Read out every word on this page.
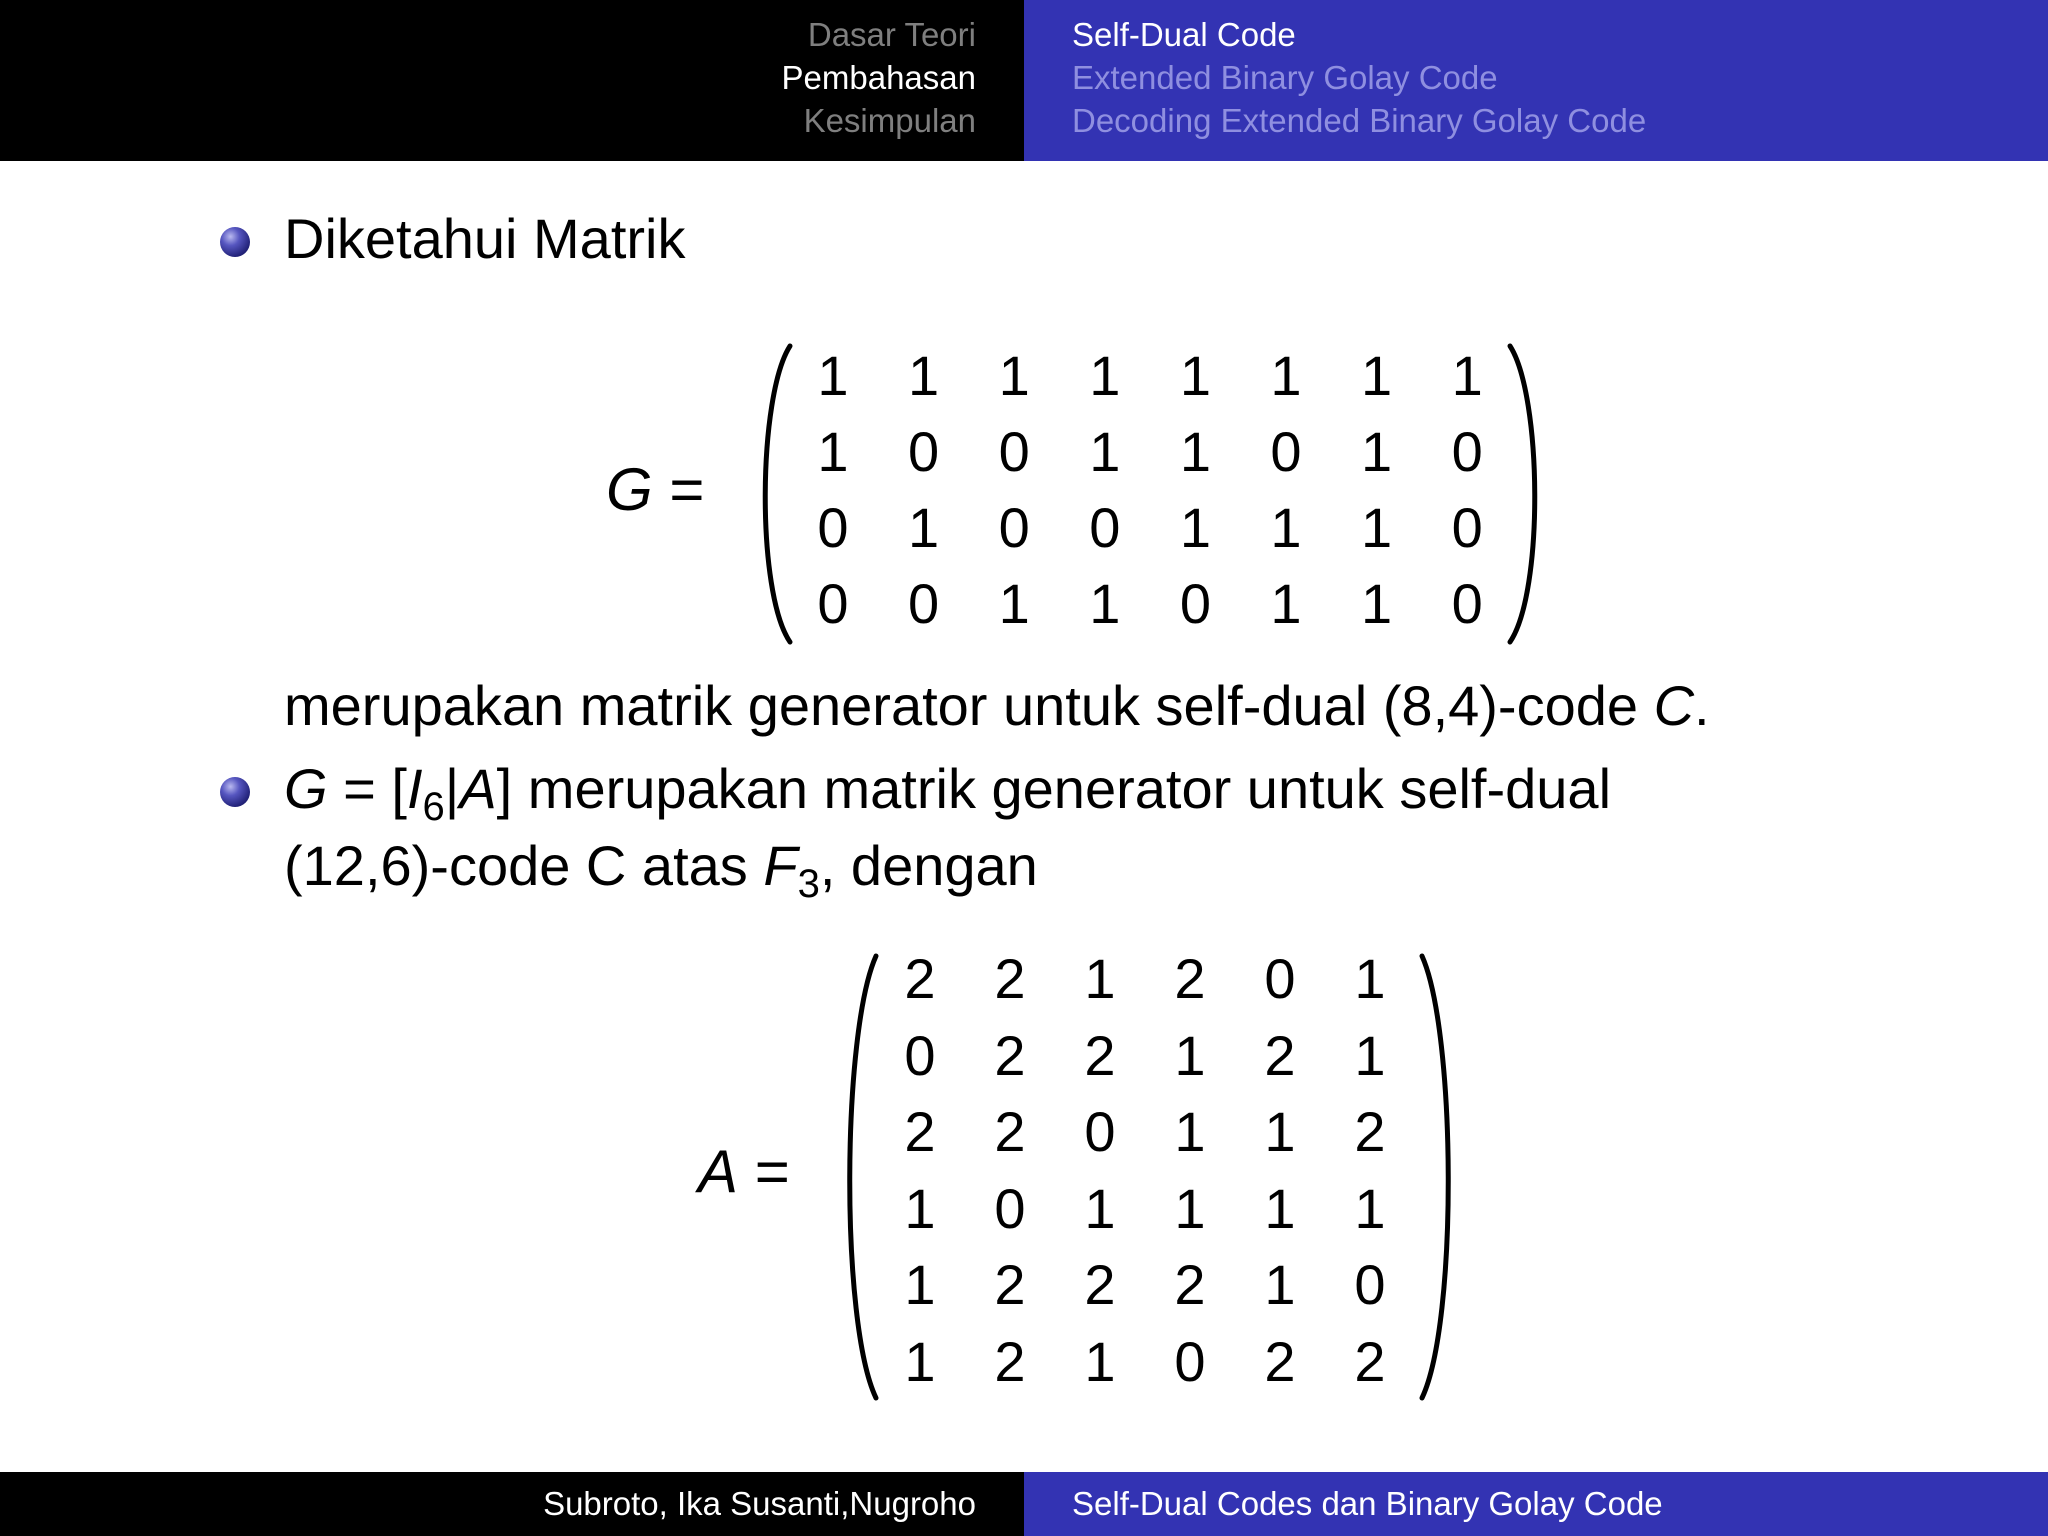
Dasar Teori
Pembahasan
Kesimpulan
Self-Dual Code
Extended Binary Golay Code
Decoding Extended Binary Golay Code
Diketahui Matrik
G =
1	1	1	1	1	1	1	1
1	0	0	1	1	0	1	0
0	1	0	0	1	1	1	0
0	0	1	1	0	1	1	0
merupakan matrik generator untuk self-dual (8,4)-code C.
$G = [I_6|A]$ merupakan matrik generator untuk self-dual
(12,6)-code C atas $F_3$, dengan
A =
2	2	1	2	0	1
0	2	2	1	2	1
2	2	0	1	1	2
1	0	1	1	1	1
1	2	2	2	1	0
1	2	1	0	2	2
Subroto, Ika Susanti,Nugroho	Self-Dual Codes dan Binary Golay Code
